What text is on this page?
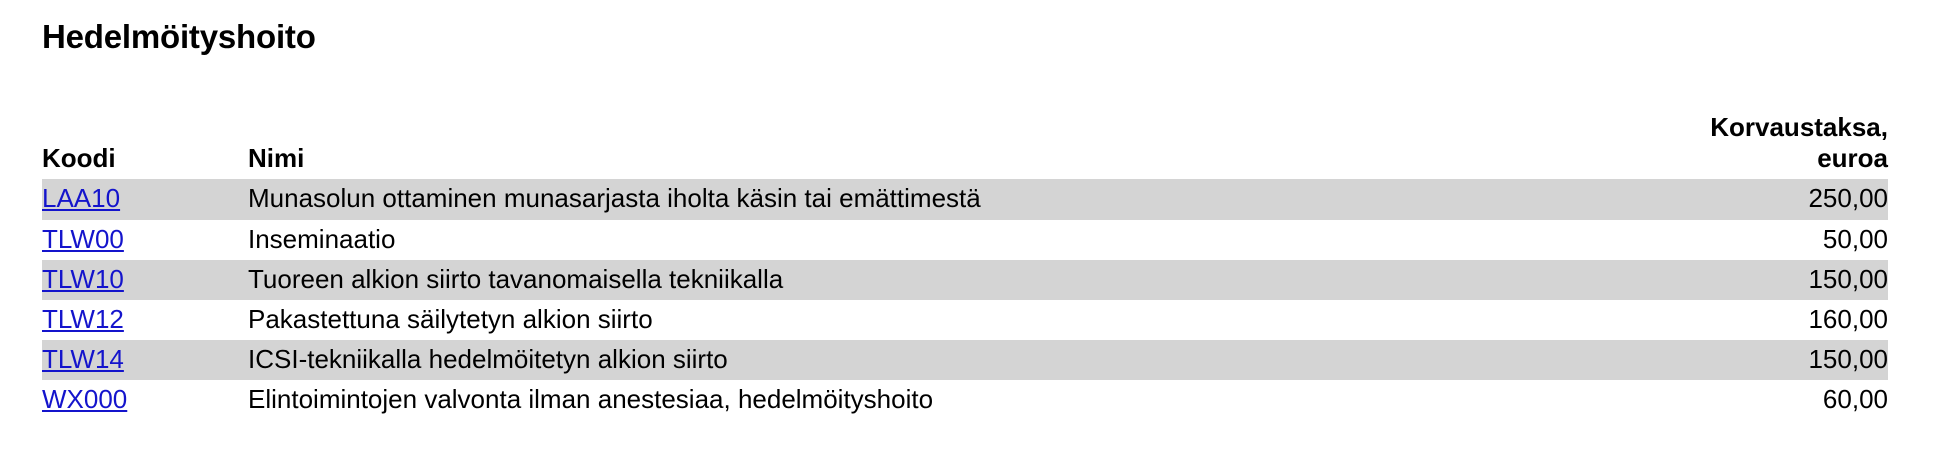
Hedelmöityshoito
Koodi	Nimi		Korvaustaksa,
euroa

LAA10	Munasolun ottaminen munasarjasta iholta käsin tai emättimestä		250,00
TLW00	Inseminaatio		50,00
TLW10	Tuoreen alkion siirto tavanomaisella tekniikalla		150,00
TLW12	Pakastettuna säilytetyn alkion siirto		160,00
TLW14	ICSI-tekniikalla hedelmöitetyn alkion siirto		150,00
WX000	Elintoimintojen valvonta ilman anestesiaa, hedelmöityshoito		60,00
